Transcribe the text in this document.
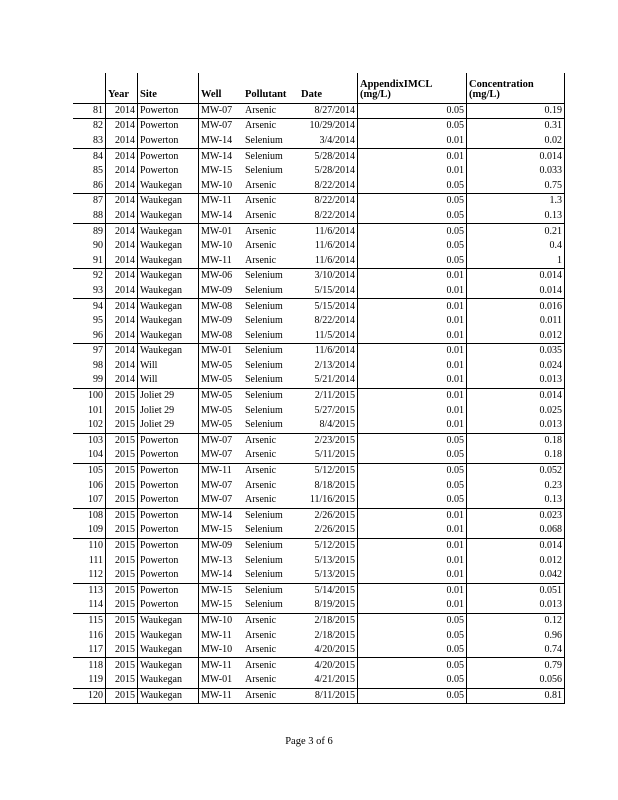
	Year	Site	Well	Pollutant	Date	AppendixIMCL (mg/L)	Concentration (mg/L)
81	2014	Powerton	MW-07	Arsenic	8/27/2014	0.05	0.19
82	2014	Powerton	MW-07	Arsenic	10/29/2014	0.05	0.31
83	2014	Powerton	MW-14	Selenium	3/4/2014	0.01	0.02
84	2014	Powerton	MW-14	Selenium	5/28/2014	0.01	0.014
85	2014	Powerton	MW-15	Selenium	5/28/2014	0.01	0.033
86	2014	Waukegan	MW-10	Arsenic	8/22/2014	0.05	0.75
87	2014	Waukegan	MW-11	Arsenic	8/22/2014	0.05	1.3
88	2014	Waukegan	MW-14	Arsenic	8/22/2014	0.05	0.13
89	2014	Waukegan	MW-01	Arsenic	11/6/2014	0.05	0.21
90	2014	Waukegan	MW-10	Arsenic	11/6/2014	0.05	0.4
91	2014	Waukegan	MW-11	Arsenic	11/6/2014	0.05	1
92	2014	Waukegan	MW-06	Selenium	3/10/2014	0.01	0.014
93	2014	Waukegan	MW-09	Selenium	5/15/2014	0.01	0.014
94	2014	Waukegan	MW-08	Selenium	5/15/2014	0.01	0.016
95	2014	Waukegan	MW-09	Selenium	8/22/2014	0.01	0.011
96	2014	Waukegan	MW-08	Selenium	11/5/2014	0.01	0.012
97	2014	Waukegan	MW-01	Selenium	11/6/2014	0.01	0.035
98	2014	Will	MW-05	Selenium	2/13/2014	0.01	0.024
99	2014	Will	MW-05	Selenium	5/21/2014	0.01	0.013
100	2015	Joliet 29	MW-05	Selenium	2/11/2015	0.01	0.014
101	2015	Joliet 29	MW-05	Selenium	5/27/2015	0.01	0.025
102	2015	Joliet 29	MW-05	Selenium	8/4/2015	0.01	0.013
103	2015	Powerton	MW-07	Arsenic	2/23/2015	0.05	0.18
104	2015	Powerton	MW-07	Arsenic	5/11/2015	0.05	0.18
105	2015	Powerton	MW-11	Arsenic	5/12/2015	0.05	0.052
106	2015	Powerton	MW-07	Arsenic	8/18/2015	0.05	0.23
107	2015	Powerton	MW-07	Arsenic	11/16/2015	0.05	0.13
108	2015	Powerton	MW-14	Selenium	2/26/2015	0.01	0.023
109	2015	Powerton	MW-15	Selenium	2/26/2015	0.01	0.068
110	2015	Powerton	MW-09	Selenium	5/12/2015	0.01	0.014
111	2015	Powerton	MW-13	Selenium	5/13/2015	0.01	0.012
112	2015	Powerton	MW-14	Selenium	5/13/2015	0.01	0.042
113	2015	Powerton	MW-15	Selenium	5/14/2015	0.01	0.051
114	2015	Powerton	MW-15	Selenium	8/19/2015	0.01	0.013
115	2015	Waukegan	MW-10	Arsenic	2/18/2015	0.05	0.12
116	2015	Waukegan	MW-11	Arsenic	2/18/2015	0.05	0.96
117	2015	Waukegan	MW-10	Arsenic	4/20/2015	0.05	0.74
118	2015	Waukegan	MW-11	Arsenic	4/20/2015	0.05	0.79
119	2015	Waukegan	MW-01	Arsenic	4/21/2015	0.05	0.056
120	2015	Waukegan	MW-11	Arsenic	8/11/2015	0.05	0.81
Page 3 of 6
